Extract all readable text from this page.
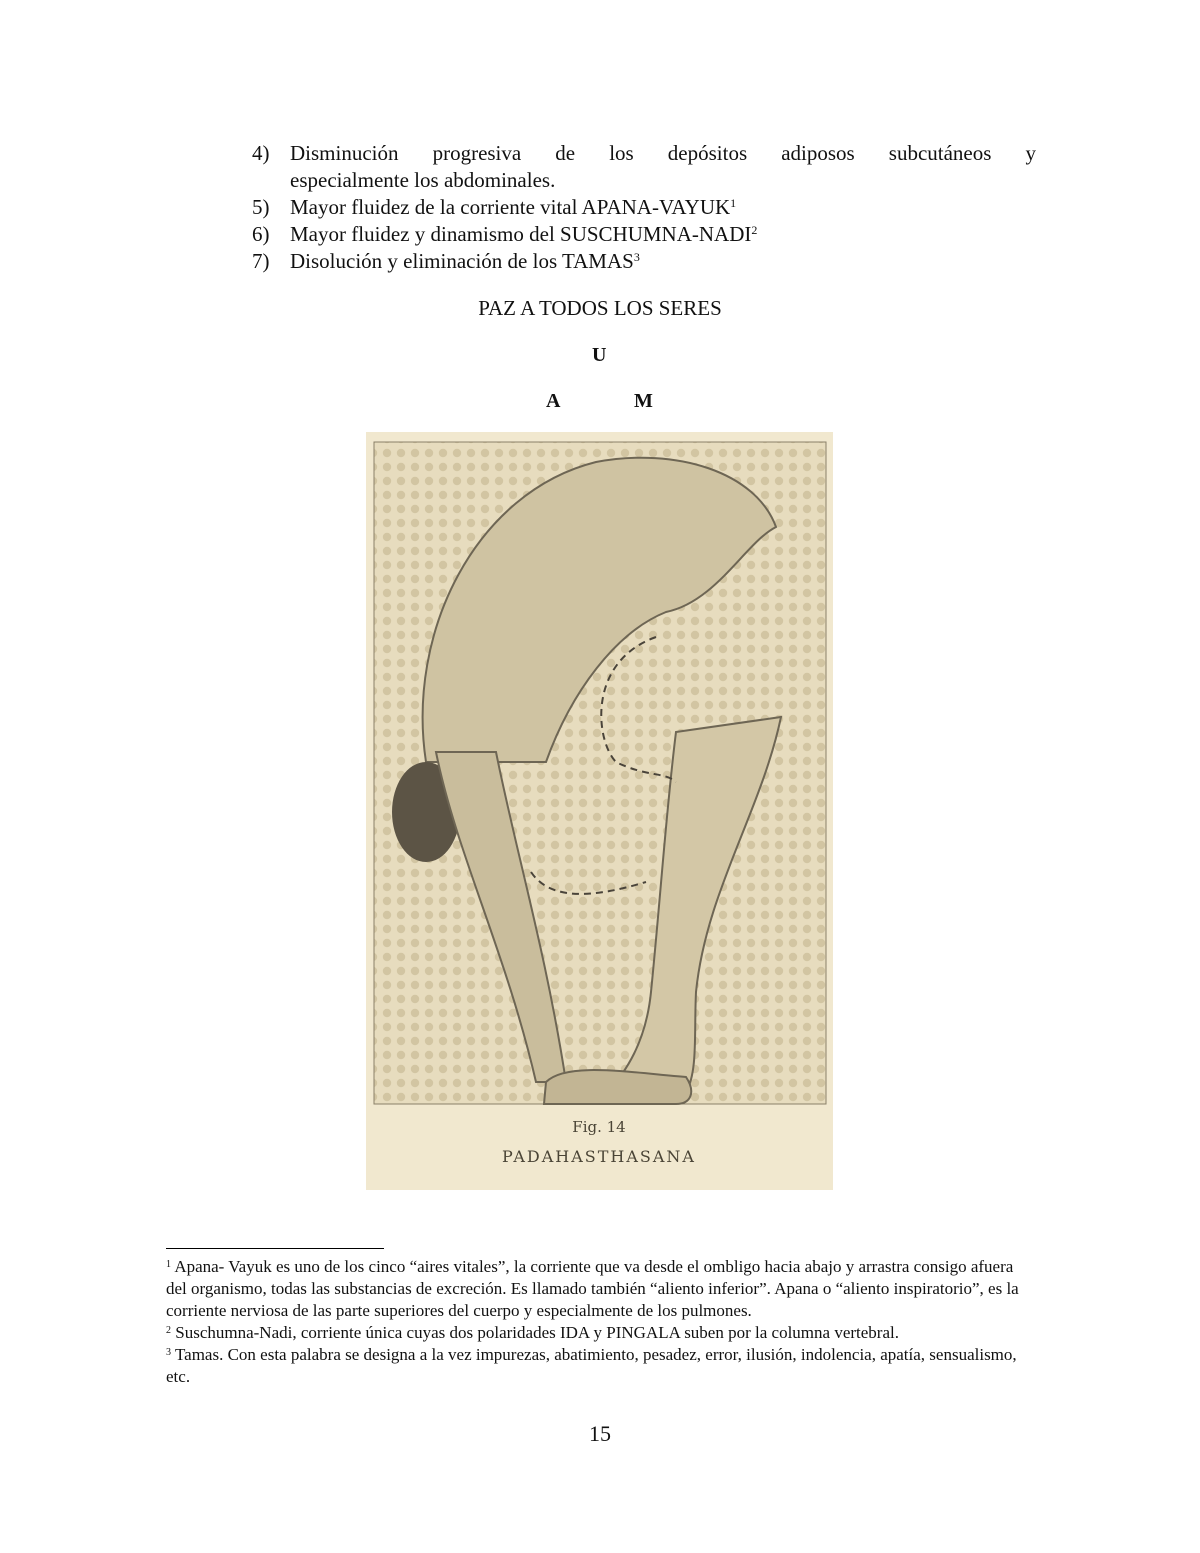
4) Disminución progresiva de los depósitos adiposos subcutáneos y
especialmente los abdominales.
5) Mayor fluidez de la corriente vital APANA-VAYUK$^1$
6) Mayor fluidez y dinamismo del SUSCHUMNA-NADI$^2$
7) Disolución y eliminación de los TAMAS$^3$
PAZ A TODOS LOS SERES
U
A	M
Fig. 14
PADAHASTHASANA

$^1$ Apana- Vayuk es uno de los cinco “aires vitales”, la corriente que va desde el ombligo hacia abajo y arrastra consigo afuera del organismo, todas las substancias de excreción. Es llamado también “aliento inferior”. Apana o “aliento inspiratorio”, es la corriente nerviosa de las parte superiores del cuerpo y especialmente de los pulmones.

$^2$ Suschumna-Nadi, corriente única cuyas dos polaridades IDA y PINGALA suben por la columna vertebral.

$^3$ Tamas. Con esta palabra se designa a la vez impurezas, abatimiento, pesadez, error, ilusión, indolencia, apatía, sensualismo, etc.

15
